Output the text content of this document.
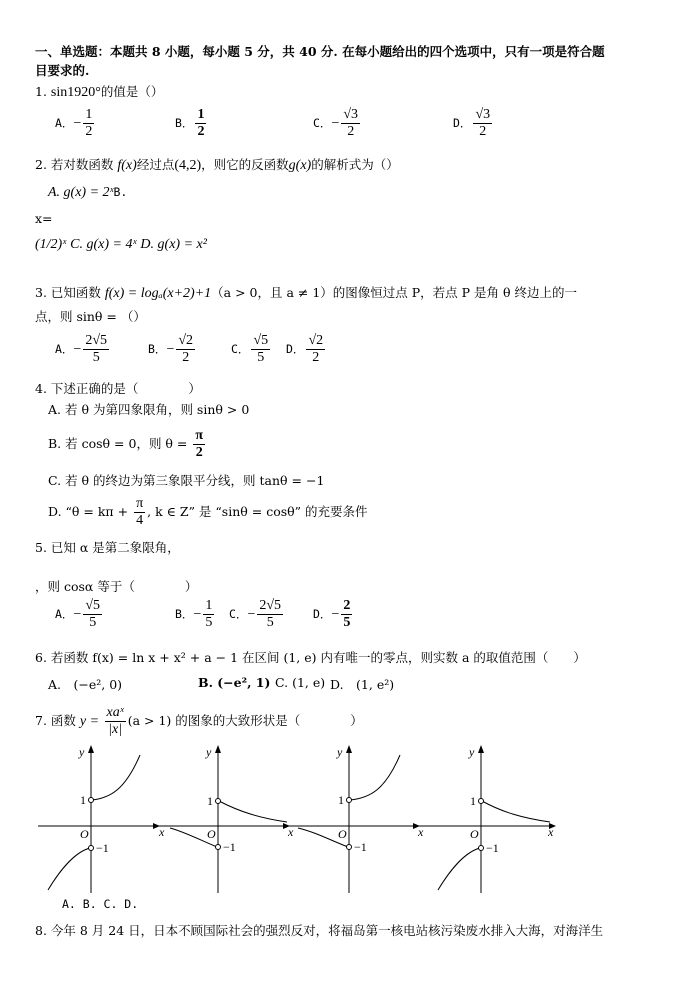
一、单选题：本题共 8 小题，每小题 5 分，共 40 分. 在每小题给出的四个选项中，只有一项是符合题
目要求的.
1. sin1920°的值是（）
A．− $\frac{1}{2}$	B． $\frac{1}{2}$	C．− $\frac{√3}{2}$	D． $\frac{√3}{2}$
2. 若对数函数 f(x)经过点(4,2)，则它的反函数g(x)的解析式为（）
A. g(x) = 2ˣB.
x=
(1/2)ˣ C. g(x) = 4ˣ D. g(x) = x²
3. 已知函数 f(x) = logₐ(x+2)+1（a > 0，且 a ≠ 1）的图像恒过点 P，若点 P 是角 θ 终边上的一
点，则 sinθ = （）
A．− $\frac{2√5}{5}$	B．− $\frac{√2}{2}$	C． $\frac{√5}{5}$ D． $\frac{√2}{2}$
4. 下述正确的是（　　　　）
A. 若 θ 为第四象限角，则 sinθ > 0
B. 若 cosθ = 0，则 $\theta = \frac{\pi}{2}$
C. 若 θ 的终边为第三象限平分线，则 tanθ = −1
D. “$\theta = k\pi + \frac{\pi}{4}$ , k ∈ Z” 是 “sinθ = cosθ” 的充要条件
5. 已知 α 是第二象限角，
，则 cosα 等于（　　　　）
A．− $\frac{√5}{5}$	B．− $\frac{1}{5}$ C．− $\frac{2√5}{5}$	D．− $\frac{2}{5}$
6. 若函数 f(x) = ln x + x² + a − 1 在区间 (1, e) 内有唯一的零点，则实数 a 的取值范围（　　）
A.　(−e², 0)	B. (−e², 1) C. (1, e) D.　(1, e²)
7. 函数 $y = \frac{\text{xaˣ}}{|x|} (a > 1)$ 的图象的大致形状是（　　　　）
y	y	y	y
x	x	x	x
O	O	O	O
1	1	1	1
−1	−1	−1	−1
A. B. C. D.
8. 今年 8 月 24 日，日本不顾国际社会的强烈反对，将福岛第一核电站核污染废水排入大海，对海洋生
